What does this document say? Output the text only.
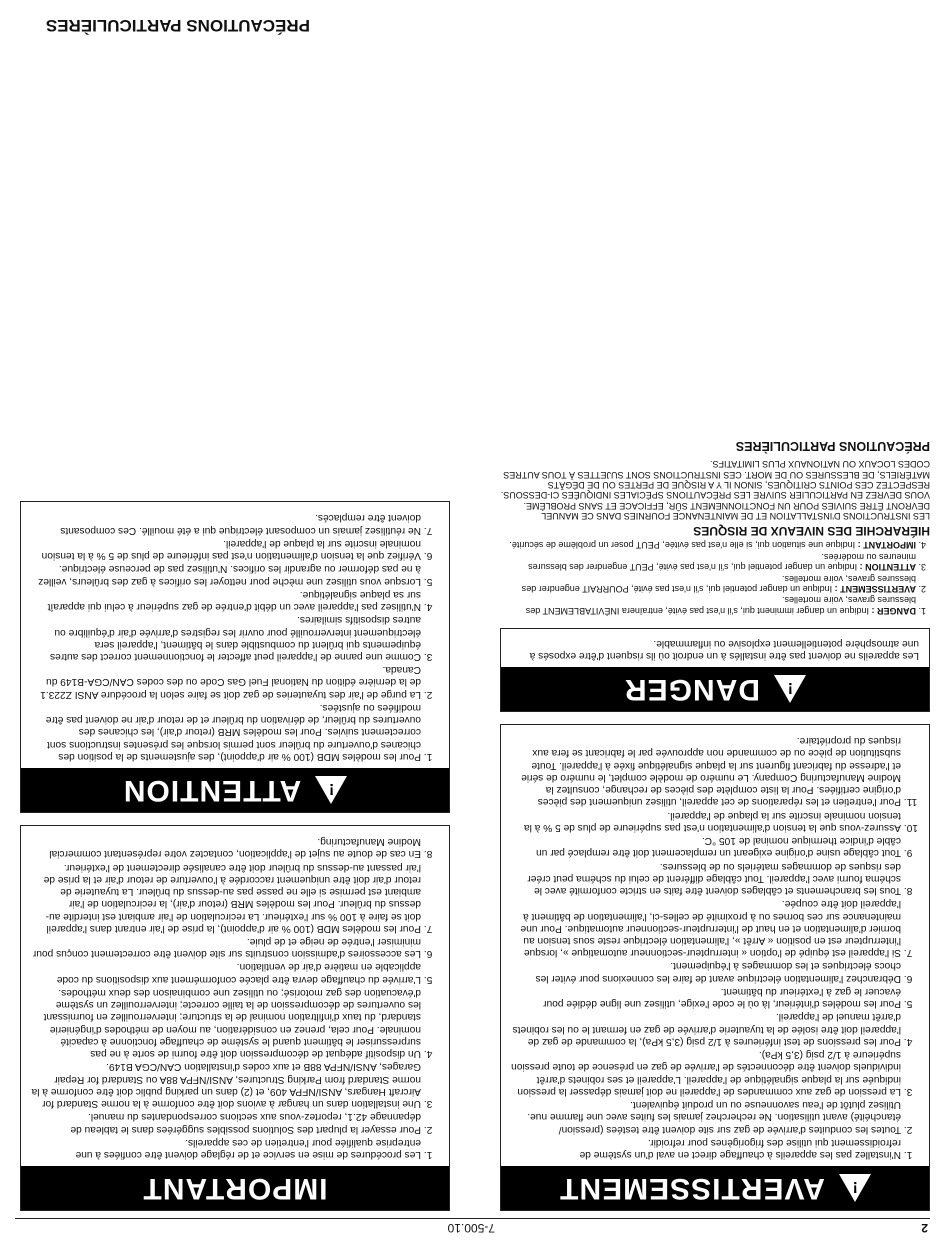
2
7-500.10
!
AVERTISSEMENT
1. N'installez pas les appareils à chauffage direct en aval d'un système de refroidissement qui utilise des frigorigènes pour refroidir.
2. Toutes les conduites d'arrivée de gaz sur site doivent être testées (pression/étanchéité) avant utilisation. Ne recherchez jamais les fuites avec une flamme nue. Utilisez plutôt de l'eau savonneuse ou un produit équivalent.
3. La pression de gaz aux commandes de l'appareil ne doit jamais dépasser la pression indiquée sur la plaque signalétique de l'appareil. L'appareil et ses robinets d'arrêt individuels doivent être déconnectés de l'arrivée de gaz en présence de toute pression supérieure à 1/2 psig (3,5 kPa).
4. Pour les pressions de test inférieures à 1/2 psig (3,5 kPa), la commande de gaz de l'appareil doit être isolée de la tuyauterie d'arrivée de gaz en fermant le ou les robinets d'arrêt manuel de l'appareil.
5. Pour les modèles d'intérieur, là où le code l'exige, utilisez une ligne dédiée pour évacuer le gaz à l'extérieur du bâtiment.
6. Débranchez l'alimentation électrique avant de faire les connexions pour éviter les chocs électriques et les dommages à l'équipement.
7. Si l'appareil est équipé de l'option « interrupteur-sectionneur automatique », lorsque l'interrupteur est en position « Arrêt », l'alimentation électrique reste sous tension au bornier d'alimentation et en haut de l'interrupteur-sectionneur automatique. Pour une maintenance sur ces bornes ou à proximité de celles-ci, l'alimentation de bâtiment à l'appareil doit être coupée.
8. Tous les branchements et câblages doivent être faits en stricte conformité avec le schéma fourni avec l'appareil. Tout câblage différent de celui du schéma peut créer des risques de dommages matériels ou de blessures.
9. Tout câblage usine d'origine exigeant un remplacement doit être remplacé par un câble d'indice thermique nominal de 105 °C.
10. Assurez-vous que la tension d'alimentation n'est pas supérieure de plus de 5 % à la tension nominale inscrite sur la plaque de l'appareil.
11. Pour l'entretien et les réparations de cet appareil, utilisez uniquement des pièces d'origine certifiées. Pour la liste complète des pièces de rechange, consultez la Modine Manufacturing Company. Le numéro de modèle complet, le numéro de série et l'adresse du fabricant figurent sur la plaque signalétique fixée à l'appareil. Toute substitution de pièce ou de commande non approuvée par le fabricant se fera aux risques du propriétaire.
!
DANGER
Les appareils ne doivent pas être installés à un endroit où ils risquent d'être exposés à une atmosphère potentiellement explosive ou inflammable.
1. DANGER : Indique un danger imminent qui, s'il n'est pas évité, entraînera INÉVITABLEMENT des blessures graves, voire mortelles.
2. AVERTISSEMENT : Indique un danger potentiel qui, s'il n'est pas évité, POURRAIT engendrer des blessures graves, voire mortelles.
3. ATTENTION : Indique un danger potentiel qui, s'il n'est pas évité, PEUT engendrer des blessures mineures ou modérées.
4. IMPORTANT : Indique une situation qui, si elle n'est pas évitée, PEUT poser un problème de sécurité.
HIÉRARCHIE DES NIVEAUX DE RISQUES
LES INSTRUCTIONS D'INSTALLATION ET DE MAINTENANCE FOURNIES DANS CE MANUEL DEVRONT ÊTRE SUIVIES POUR UN FONCTIONNEMENT SÛR, EFFICACE ET SANS PROBLÈME. VOUS DEVREZ EN PARTICULIER SUIVRE LES PRÉCAUTIONS SPÉCIALES INDIQUÉES CI-DESSOUS. RESPECTEZ CES POINTS CRITIQUES, SINON IL Y A RISQUE DE PERTES OU DE DÉGÂTS MATÉRIELS, DE BLESSURES OU DE MORT. CES INSTRUCTIONS SONT SUJETTES À TOUS AUTRES CODES LOCAUX OU NATIONAUX PLUS LIMITATIFS.
PRÉCAUTIONS PARTICULIÈRES
IMPORTANT
1. Les procédures de mise en service et de réglage doivent être confiées à une entreprise qualifiée pour l'entretien de ces appareils.
2. Pour essayer la plupart des Solutions possibles suggérées dans le tableau de dépannage 42.1, reportez-vous aux sections correspondantes du manuel.
3. Une installation dans un hangar à avions doit être conforme à la norme Standard for Aircraft Hangars, ANSI/NFPA 409, et (2) dans un parking public doit être conforme à la norme Standard from Parking Structures, ANSI/NFPA 88A ou Standard for Repair Garages, ANSI/NFPA 88B et aux codes d'installation CAN/CGA B149.
4. Un dispositif adéquat de décompression doit être fourni de sorte à ne pas surpressuriser le bâtiment quand le système de chauffage fonctionne à capacité nominale. Pour cela, prenez en considération, au moyen de méthodes d'ingénierie standard, du taux d'infiltration nominal de la structure; interverrouillez en fournissant les ouvertures de décompression de la taille correcte; interverrouillez un système d'évacuation des gaz motorisé; ou utilisez une combinaison des deux méthodes.
5. L'arrivée du chauffage devra être placée conformément aux dispositions du code applicable en matière d'air de ventilation.
6. Les accessoires d'admission construits sur site doivent être correctement conçus pour minimiser l'entrée de neige et de pluie.
7. Pour les modèles MDB (100 % air d'appoint), la prise de l'air entrant dans l'appareil doit se faire à 100 % sur l'extérieur. La recirculation de l'air ambiant est interdite au-dessus du brûleur. Pour les modèles MRB (retour d'air), la recirculation de l'air ambiant est permise si elle ne passe pas au-dessus du brûleur. La tuyauterie de retour d'air doit être uniquement raccordée à l'ouverture de retour d'air et la prise de l'air passant au-dessus du brûleur doit être canalisée directement de l'extérieur.
8. En cas de doute au sujet de l'application, contactez votre représentant commercial Modine Manufacturing.
!
ATTENTION
1. Pour les modèles MDB (100 % air d'appoint), des ajustements de la position des chicanes d'ouverture du brûleur sont permis lorsque les présentes instructions sont correctement suivies. Pour les modèles MRB (retour d'air), les chicanes des ouvertures du brûleur, de dérivation du brûleur et de retour d'air ne doivent pas être modifiées ou ajustées.
2. La purge de l'air des tuyauteries de gaz doit se faire selon la procédure ANSI Z223.1 de la dernière édition du National Fuel Gas Code ou des codes CAN/CGA-B149 du Canada.
3. Comme une panne de l'appareil peut affecter le fonctionnement correct des autres équipements qui brûlent du combustible dans le bâtiment, l'appareil sera électriquement interverrouillé pour ouvrir les registres d'arrivée d'air d'équilibre ou autres dispositifs similaires.
4. N'utilisez pas l'appareil avec un débit d'entrée de gaz supérieur à celui qui apparaît sur sa plaque signalétique.
5. Lorsque vous utilisez une mèche pour nettoyer les orifices à gaz des brûleurs, veillez à ne pas déformer ou agrandir les orifices. N'utilisez pas de perceuse électrique.
6. Vérifiez que la tension d'alimentation n'est pas inférieure de plus de 5 % à la tension nominale inscrite sur la plaque de l'appareil.
7. Ne réutilisez jamais un composant électrique qui a été mouillé. Ces composants doivent être remplacés.
PRÉCAUTIONS PARTICULIÈRES
